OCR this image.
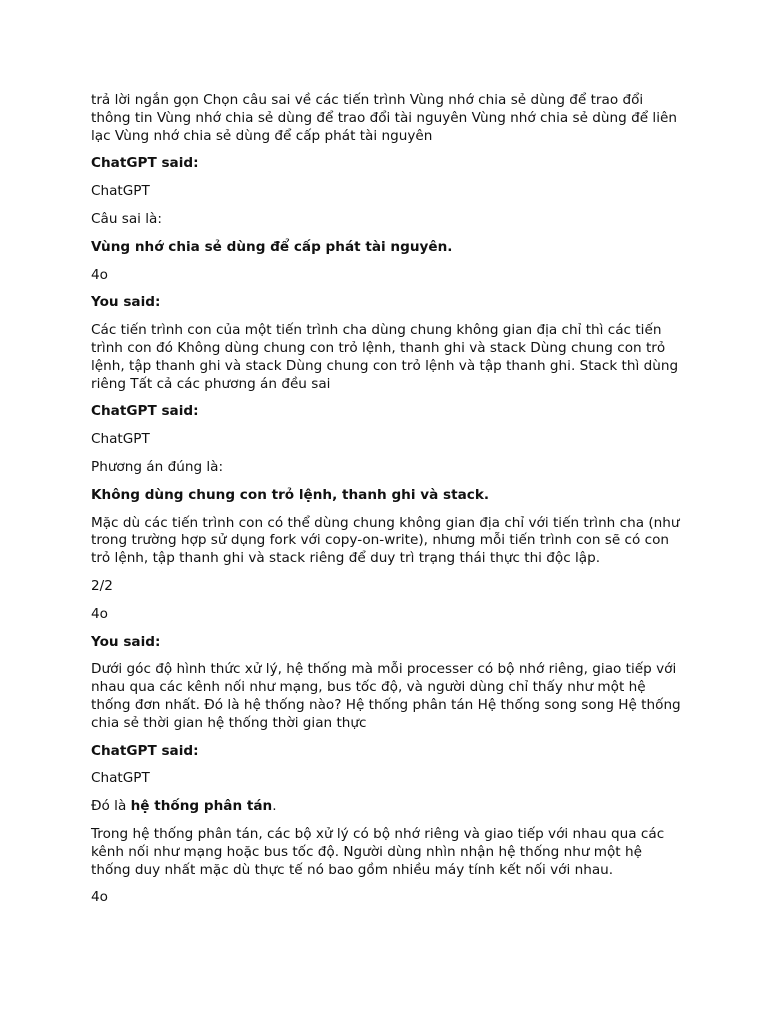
trả lời ngắn gọn Chọn câu sai về các tiến trình Vùng nhớ chia sẻ dùng để trao đổi thông tin Vùng nhớ chia sẻ dùng để trao đổi tài nguyên Vùng nhớ chia sẻ dùng để liên lạc Vùng nhớ chia sẻ dùng để cấp phát tài nguyên

ChatGPT said:

ChatGPT

Câu sai là:

Vùng nhớ chia sẻ dùng để cấp phát tài nguyên.

4o

You said:

Các tiến trình con của một tiến trình cha dùng chung không gian địa chỉ thì các tiến trình con đó Không dùng chung con trỏ lệnh, thanh ghi và stack Dùng chung con trỏ lệnh, tập thanh ghi và stack Dùng chung con trỏ lệnh và tập thanh ghi. Stack thì dùng riêng Tất cả các phương án đều sai

ChatGPT said:

ChatGPT

Phương án đúng là:

Không dùng chung con trỏ lệnh, thanh ghi và stack.

Mặc dù các tiến trình con có thể dùng chung không gian địa chỉ với tiến trình cha (như trong trường hợp sử dụng fork với copy-on-write), nhưng mỗi tiến trình con sẽ có con trỏ lệnh, tập thanh ghi và stack riêng để duy trì trạng thái thực thi độc lập.

2/2

4o

You said:

Dưới góc độ hình thức xử lý, hệ thống mà mỗi processer có bộ nhớ riêng, giao tiếp với nhau qua các kênh nối như mạng, bus tốc độ, và người dùng chỉ thấy như một hệ thống đơn nhất. Đó là hệ thống nào? Hệ thống phân tán Hệ thống song song Hệ thống chia sẻ thời gian hệ thống thời gian thực

ChatGPT said:

ChatGPT

Đó là hệ thống phân tán.

Trong hệ thống phân tán, các bộ xử lý có bộ nhớ riêng và giao tiếp với nhau qua các kênh nối như mạng hoặc bus tốc độ. Người dùng nhìn nhận hệ thống như một hệ thống duy nhất mặc dù thực tế nó bao gồm nhiều máy tính kết nối với nhau.

4o
